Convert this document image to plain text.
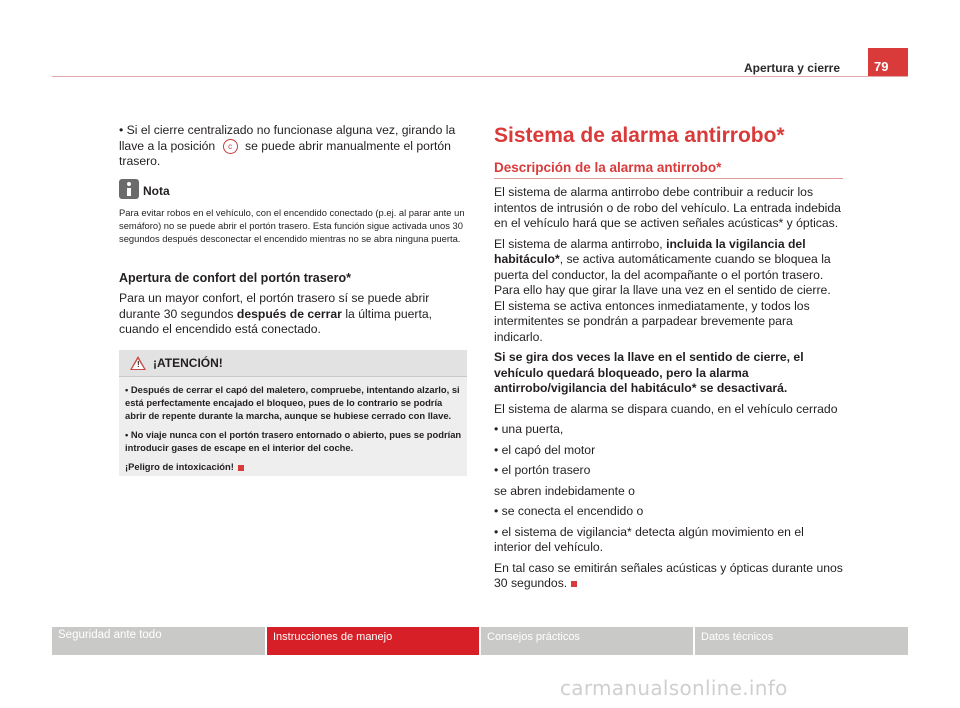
Apertura y cierre	79
• Si el cierre centralizado no funcionase alguna vez, girando la llave a la posición c se puede abrir manualmente el portón trasero.
Nota
Para evitar robos en el vehículo, con el encendido conectado (p.ej. al parar ante un semáforo) no se puede abrir el portón trasero. Esta función sigue activada unos 30 segundos después desconectar el encendido mientras no se abra ninguna puerta.
Apertura de confort del portón trasero*
Para un mayor confort, el portón trasero sí se puede abrir durante 30 segundos después de cerrar la última puerta, cuando el encendido está conectado.
! ¡ATENCIÓN!
• Después de cerrar el capó del maletero, compruebe, intentando alzarlo, si está perfectamente encajado el bloqueo, pues de lo contrario se podría abrir de repente durante la marcha, aunque se hubiese cerrado con llave.
• No viaje nunca con el portón trasero entornado o abierto, pues se podrían introducir gases de escape en el interior del coche.
¡Peligro de intoxicación!
Sistema de alarma antirrobo*
Descripción de la alarma antirrobo*
El sistema de alarma antirrobo debe contribuir a reducir los intentos de intrusión o de robo del vehículo. La entrada indebida en el vehículo hará que se activen señales acústicas* y ópticas.
El sistema de alarma antirrobo, incluida la vigilancia del habitáculo*, se activa automáticamente cuando se bloquea la puerta del conductor, la del acompañante o el portón trasero. Para ello hay que girar la llave una vez en el sentido de cierre. El sistema se activa entonces inmediatamente, y todos los intermitentes se pondrán a parpadear brevemente para indicarlo.
Si se gira dos veces la llave en el sentido de cierre, el vehículo quedará bloqueado, pero la alarma antirrobo/vigilancia del habitáculo* se desactivará.
El sistema de alarma se dispara cuando, en el vehículo cerrado
• una puerta,
• el capó del motor
• el portón trasero
se abren indebidamente o
• se conecta el encendido o
• el sistema de vigilancia* detecta algún movimiento en el interior del vehículo.
En tal caso se emitirán señales acústicas y ópticas durante unos 30 segundos.
Seguridad ante todo	Instrucciones de manejo	Consejos prácticos	Datos técnicos
carmanualsonline.info
